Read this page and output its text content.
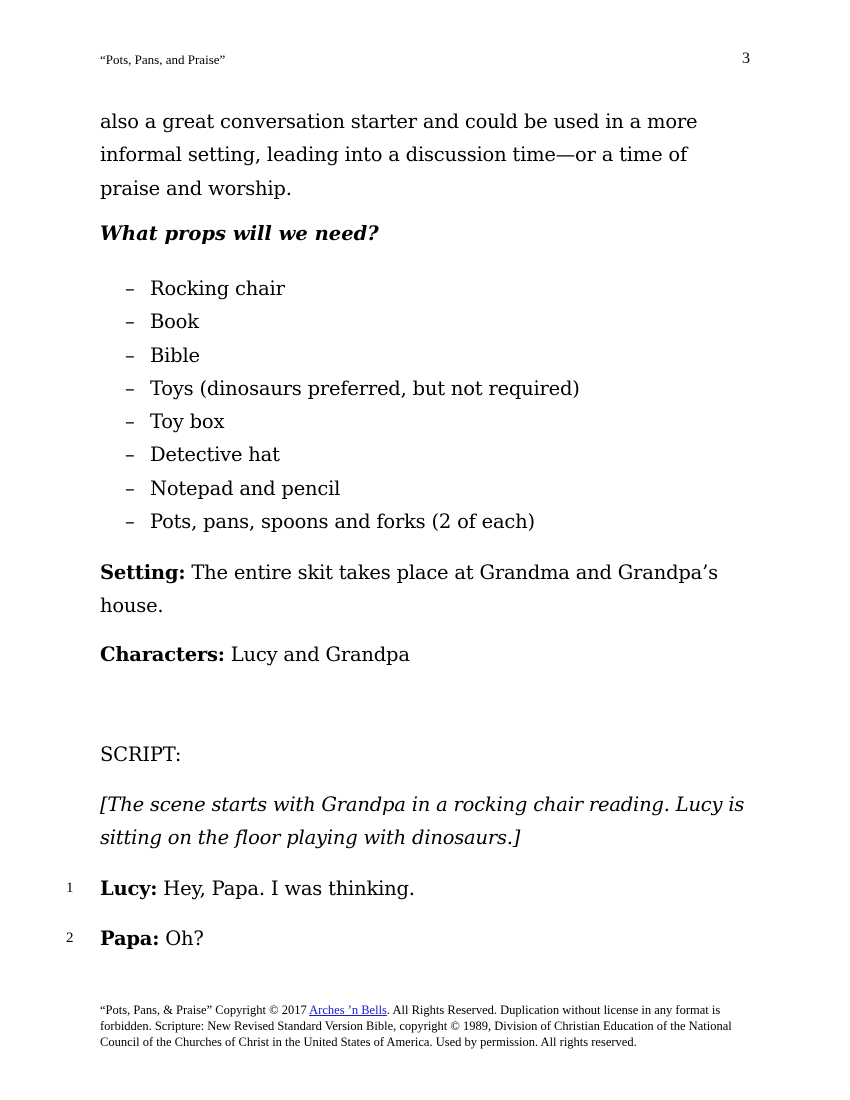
“Pots, Pans, and Praise”	3
also a great conversation starter and could be used in a more informal setting, leading into a discussion time—or a time of praise and worship.
What props will we need?
– Rocking chair
– Book
– Bible
– Toys (dinosaurs preferred, but not required)
– Toy box
– Detective hat
– Notepad and pencil
– Pots, pans, spoons and forks (2 of each)
Setting: The entire skit takes place at Grandma and Grandpa’s house.
Characters: Lucy and Grandpa
SCRIPT:
[The scene starts with Grandpa in a rocking chair reading. Lucy is sitting on the floor playing with dinosaurs.]
1 Lucy: Hey, Papa. I was thinking.
2 Papa: Oh?
“Pots, Pans, & Praise” Copyright © 2017 Arches ’n Bells. All Rights Reserved. Duplication without license in any format is forbidden. Scripture: New Revised Standard Version Bible, copyright © 1989, Division of Christian Education of the National Council of the Churches of Christ in the United States of America. Used by permission. All rights reserved.
